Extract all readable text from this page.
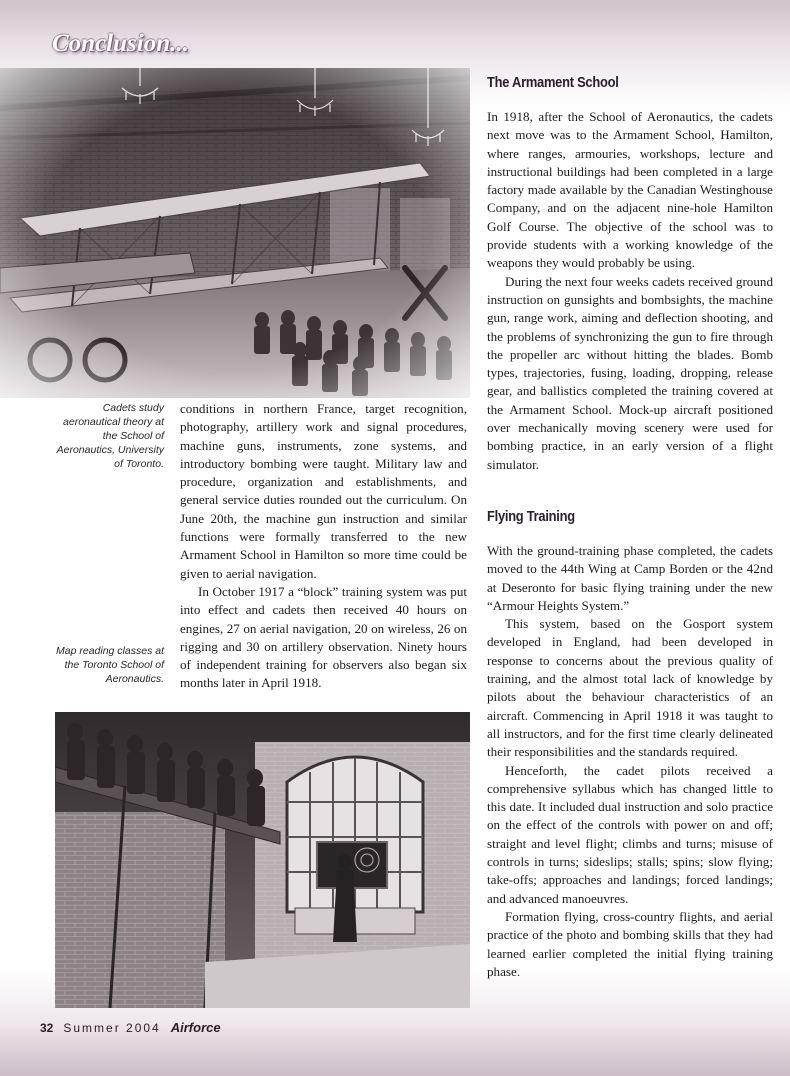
Conclusion...
Cadets study aeronautical theory at the School of Aeronautics, University of Toronto.
Map reading classes at the Toronto School of Aeronautics.

conditions in northern France, target recognition, photography, artillery work and signal procedures, machine guns, instruments, zone systems, and introductory bombing were taught. Military law and procedure, organization and establishments, and general service duties rounded out the curriculum. On June 20th, the machine gun instruction and similar functions were formally transferred to the new Armament School in Hamilton so more time could be given to aerial navigation.

In October 1917 a “block” training system was put into effect and cadets then received 40 hours on engines, 27 on aerial navigation, 20 on wireless, 26 on rigging and 30 on artillery observation. Ninety hours of independent training for observers also began six months later in April 1918.

The Armament School

In 1918, after the School of Aeronautics, the cadets next move was to the Armament School, Hamilton, where ranges, armouries, workshops, lecture and instructional buildings had been completed in a large factory made available by the Canadian Westinghouse Company, and on the adjacent nine-hole Hamilton Golf Course. The objective of the school was to provide students with a working knowledge of the weapons they would probably be using.

During the next four weeks cadets received ground instruction on gunsights and bombsights, the machine gun, range work, aiming and deflection shooting, and the problems of synchronizing the gun to fire through the propeller arc without hitting the blades. Bomb types, trajectories, fusing, loading, dropping, release gear, and ballistics completed the training covered at the Armament School. Mock-up aircraft positioned over mechanically moving scenery were used for bombing practice, in an early version of a flight simulator.

Flying Training

With the ground-training phase completed, the cadets moved to the 44th Wing at Camp Borden or the 42nd at Deseronto for basic flying training under the new “Armour Heights System.”

This system, based on the Gosport system developed in England, had been developed in response to concerns about the previous quality of training, and the almost total lack of knowledge by pilots about the behaviour characteristics of an aircraft. Commencing in April 1918 it was taught to all instructors, and for the first time clearly delineated their responsibilities and the standards required.

Henceforth, the cadet pilots received a comprehensive syllabus which has changed little to this date. It included dual instruction and solo practice on the effect of the controls with power on and off; straight and level flight; climbs and turns; misuse of controls in turns; sideslips; stalls; spins; slow flying; take-offs; approaches and landings; forced landings; and advanced manoeuvres.

Formation flying, cross-country flights, and aerial practice of the photo and bombing skills that they had learned earlier completed the initial flying training phase.

32 Summer 2004 Airforce
